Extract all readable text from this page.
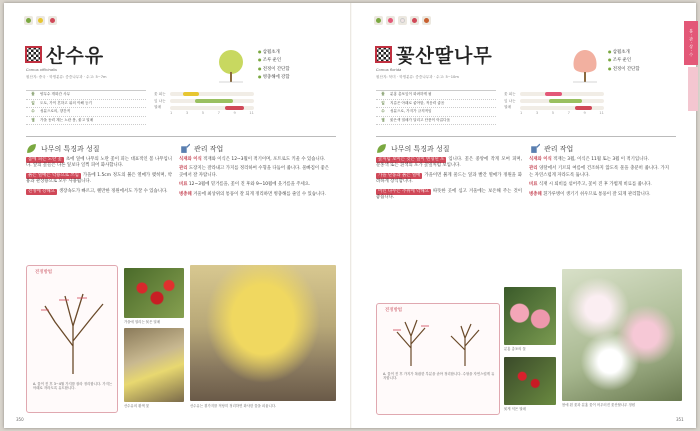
산수유
Cornus officinalis
원산지: 중국 · 학명분류: 층층나무과 · 수고: 5~7m
● 삼월초개
● 조루 운인
● 전정이 간단함
● 병충해에 강함
꽃	양무수 개화간 사무
잎	도토, 가이 흔하고 위의 이해 등기
수	성분으로의, 향간적
열	가을 동력 계는 노란 봄, 붉고 열매
꽃 피는
잎 나는
열매
1	3	5	7	9	11
나무의 특징과 성질	관리 작업

봄에 피는 노란 꽃 초에 잎에 나무의 노란 꽃이 피는 대표적인 봄 나무입니다. 앞의 꽃들은 다른 잎보다 일찍 피어 화사합니다.

붉은 열매는 약용으로 쓰임 가을에 1.5cm 정도의 붉은 열매가 맺히며, 약용과 관상용으로 모두 사용됩니다.

전정에 강해요 생장속도가 빠르고, 웬만한 정원에서도 가꿀 수 있습니다.

식재와 이식 적재와 이식은 12~3월이 적기이며, 포트로도 키울 수 있습니다.

관리 도장지는 잘라내고 가지를 정리하여 수형을 다듬어 줍니다. 물빠짐이 좋은 곳에서 잘 자랍니다.

비료 12~3월에 밑거름을, 꽃이 진 후와 9~10월에 웃거름을 주세요.

병충해 겨울에 최상위의 통풍이 잘 되게 정리하면 병충해를 줄일 수 있습니다.

전정방법
A. 꽃이 진 후 3~4월 가지를 잘라 정리합니다. 가지는 아래로 자라도록 유도합니다.
가을에 열리는 붉은 열매
산수유의 황색 꽃	산수유는 곁가지를 적당히 정리하면 화사한 꽃을 피웁니다.
350
봄 · 관 · 상 · 수
꽃산딸나무
Cornus florida
원산지: 북미 · 학명분류: 층층나무과 · 수고: 5~10m
● 삼월초개
● 조루 운인
● 전정이 간단함
꽃	분홍 총포잎이 화려하게 핌
잎	지름은 아래로 좋아함, 적응력 좋음
수	성분으로, 가지가 규칙적임
열	붉은색 열매가 달리고 단풍이 아름다움
꽃 피는
잎 나는
열매
1	3	5	7	9	11
나무의 특징과 성질	관리 작업

꽃처럼 보이는 것은 잎이 변형된 포 입니다. 꽃은 중앙에 작게 모여 피며, 분홍색 또는 흰색의 포가 꽃잎처럼 보입니다.

가을 단풍과 붉은 열매 가을이면 붉게 물드는 잎과 빨간 열매가 정원을 화려하게 장식합니다.

어린 나무는 추위에 약해요 따뜻한 곳에 심고 겨울에는 보온해 주는 것이 좋습니다.

식재와 이식 적재는 3월, 이식은 11월 또는 3월 이 적기입니다.

관리 양달에서 기르되 여름에 건조하지 않도록 물을 충분히 줍니다. 가지는 자연스럽게 자라도록 둡니다.

비료 식재 시 퇴비를 섞어주고, 꽃이 진 후 가볍게 비료를 줍니다.

병충해 흰가루병이 생기기 쉬우므로 통풍이 잘 되게 관리합니다.

전정방법
A. 꽃이 진 후 가지가 복잡한 부분을 솎아 정리합니다. 수형을 자연스럽게 유지합니다.
분홍 총포의 꽃
붉게 익은 열매
봄에 흰 꽃과 분홍 꽃이 어우러진 꽃산딸나무 정원
351
